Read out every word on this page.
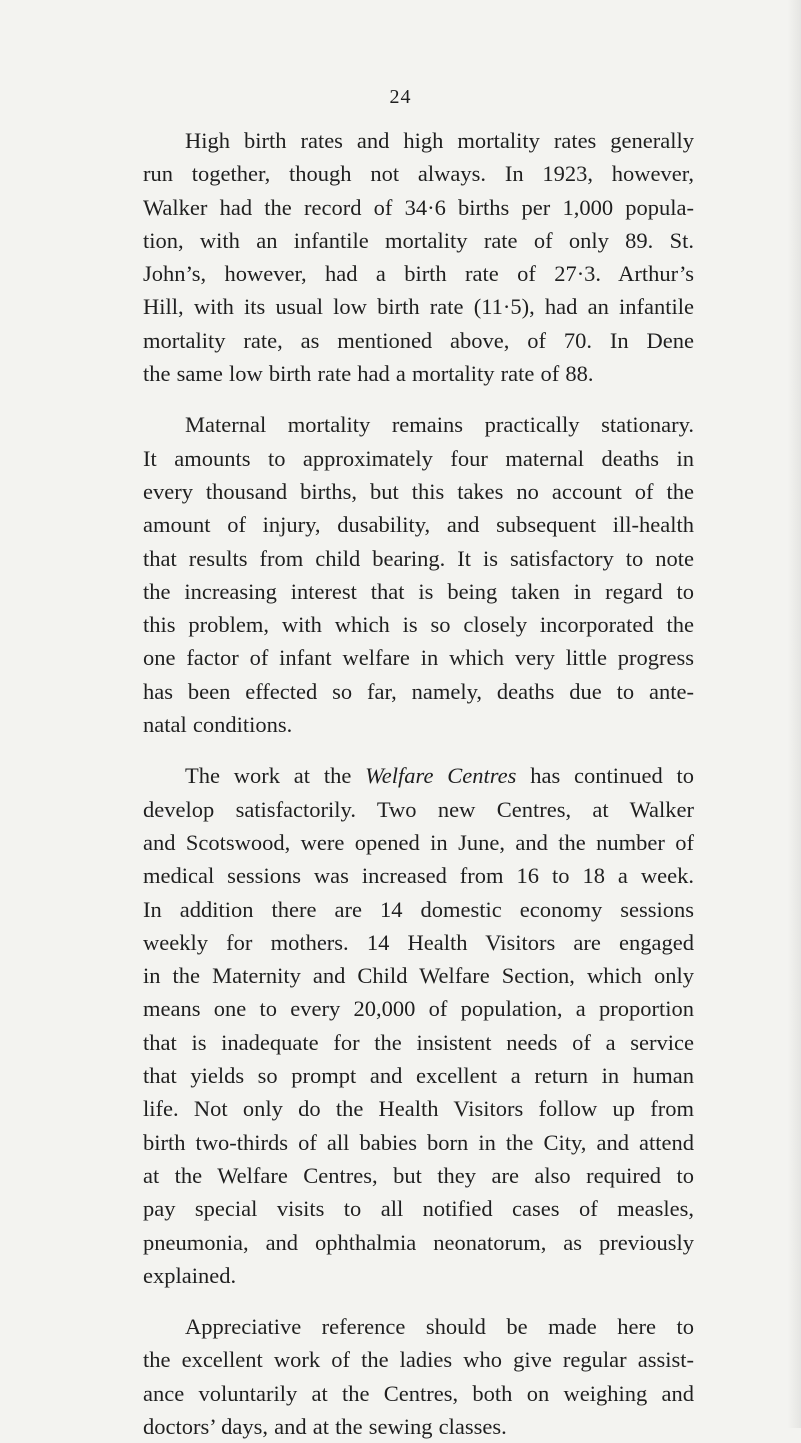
24

High birth rates and high mortality rates generally
run together, though not always. In 1923, however,
Walker had the record of 34·6 births per 1,000 popula-
tion, with an infantile mortality rate of only 89. St.
John’s, however, had a birth rate of 27·3. Arthur’s
Hill, with its usual low birth rate (11·5), had an infantile
mortality rate, as mentioned above, of 70. In Dene
the same low birth rate had a mortality rate of 88.

Maternal mortality remains practically stationary.
It amounts to approximately four maternal deaths in
every thousand births, but this takes no account of the
amount of injury, dusability, and subsequent ill-health
that results from child bearing. It is satisfactory to note
the increasing interest that is being taken in regard to
this problem, with which is so closely incorporated the
one factor of infant welfare in which very little progress
has been effected so far, namely, deaths due to ante-
natal conditions.

The work at the Welfare Centres has continued to
develop satisfactorily. Two new Centres, at Walker
and Scotswood, were opened in June, and the number of
medical sessions was increased from 16 to 18 a week.
In addition there are 14 domestic economy sessions
weekly for mothers. 14 Health Visitors are engaged
in the Maternity and Child Welfare Section, which only
means one to every 20,000 of population, a proportion
that is inadequate for the insistent needs of a service
that yields so prompt and excellent a return in human
life. Not only do the Health Visitors follow up from
birth two-thirds of all babies born in the City, and attend
at the Welfare Centres, but they are also required to
pay special visits to all notified cases of measles,
pneumonia, and ophthalmia neonatorum, as previously
explained.

Appreciative reference should be made here to
the excellent work of the ladies who give regular assist-
ance voluntarily at the Centres, both on weighing and
doctors’ days, and at the sewing classes.
